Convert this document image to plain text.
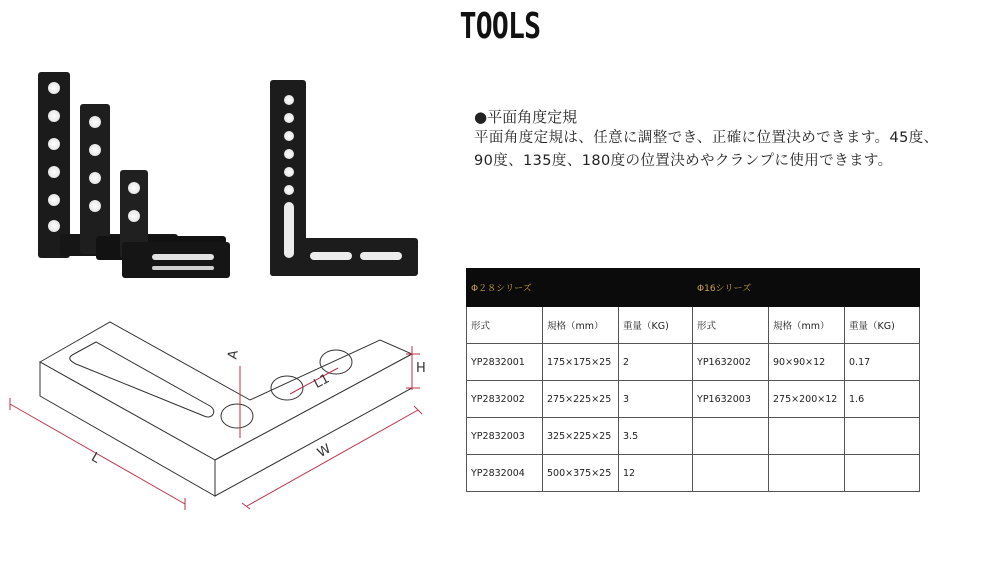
TOOLS
A
H
L1
L	W
●平面角度定規
平面角度定規は、任意に調整でき、正確に位置決めできます。45度、90度、135度、180度の位置決めやクランプに使用できます。
Φ２８シリーズ			Φ16シリーズ		
形式	規格（mm）	重量（KG)	形式	規格（mm）	重量（KG)
YP2832001	175×175×25	2	YP1632002	90×90×12	0.17
YP2832002	275×225×25	3	YP1632003	275×200×12	1.6
YP2832003	325×225×25	3.5			
YP2832004	500×375×25	12			
